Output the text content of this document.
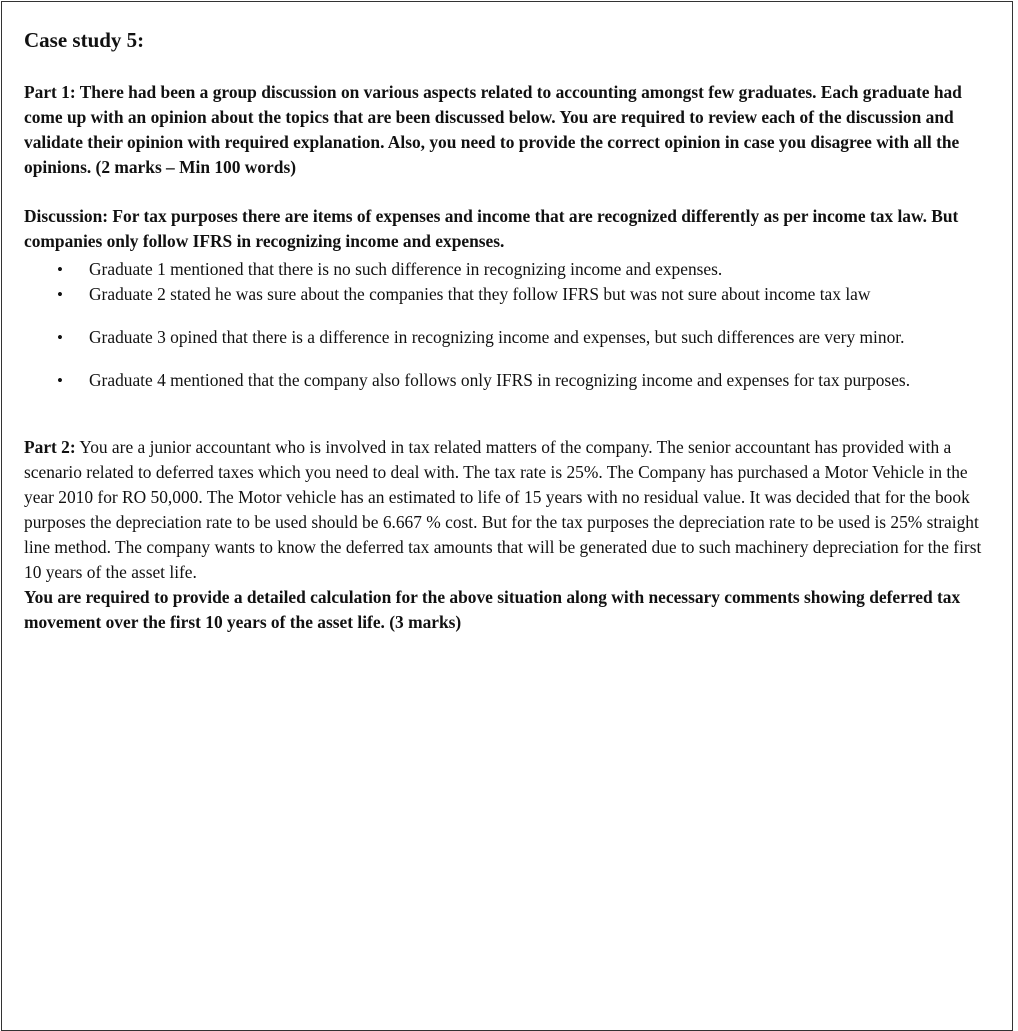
Case study 5:

Part 1: There had been a group discussion on various aspects related to accounting amongst few graduates. Each graduate had come up with an opinion about the topics that are been discussed below. You are required to review each of the discussion and validate their opinion with required explanation. Also, you need to provide the correct opinion in case you disagree with all the opinions. (2 marks – Min 100 words)

Discussion: For tax purposes there are items of expenses and income that are recognized differently as per income tax law. But companies only follow IFRS in recognizing income and expenses.

• Graduate 1 mentioned that there is no such difference in recognizing income and expenses.
• Graduate 2 stated he was sure about the companies that they follow IFRS but was not sure about income tax law
• Graduate 3 opined that there is a difference in recognizing income and expenses, but such differences are very minor.
• Graduate 4 mentioned that the company also follows only IFRS in recognizing income and expenses for tax purposes.

Part 2: You are a junior accountant who is involved in tax related matters of the company. The senior accountant has provided with a scenario related to deferred taxes which you need to deal with. The tax rate is 25%. The Company has purchased a Motor Vehicle in the year 2010 for RO 50,000. The Motor vehicle has an estimated to life of 15 years with no residual value. It was decided that for the book purposes the depreciation rate to be used should be 6.667 % cost. But for the tax purposes the depreciation rate to be used is 25% straight line method. The company wants to know the deferred tax amounts that will be generated due to such machinery depreciation for the first 10 years of the asset life.

You are required to provide a detailed calculation for the above situation along with necessary comments showing deferred tax movement over the first 10 years of the asset life. (3 marks)
